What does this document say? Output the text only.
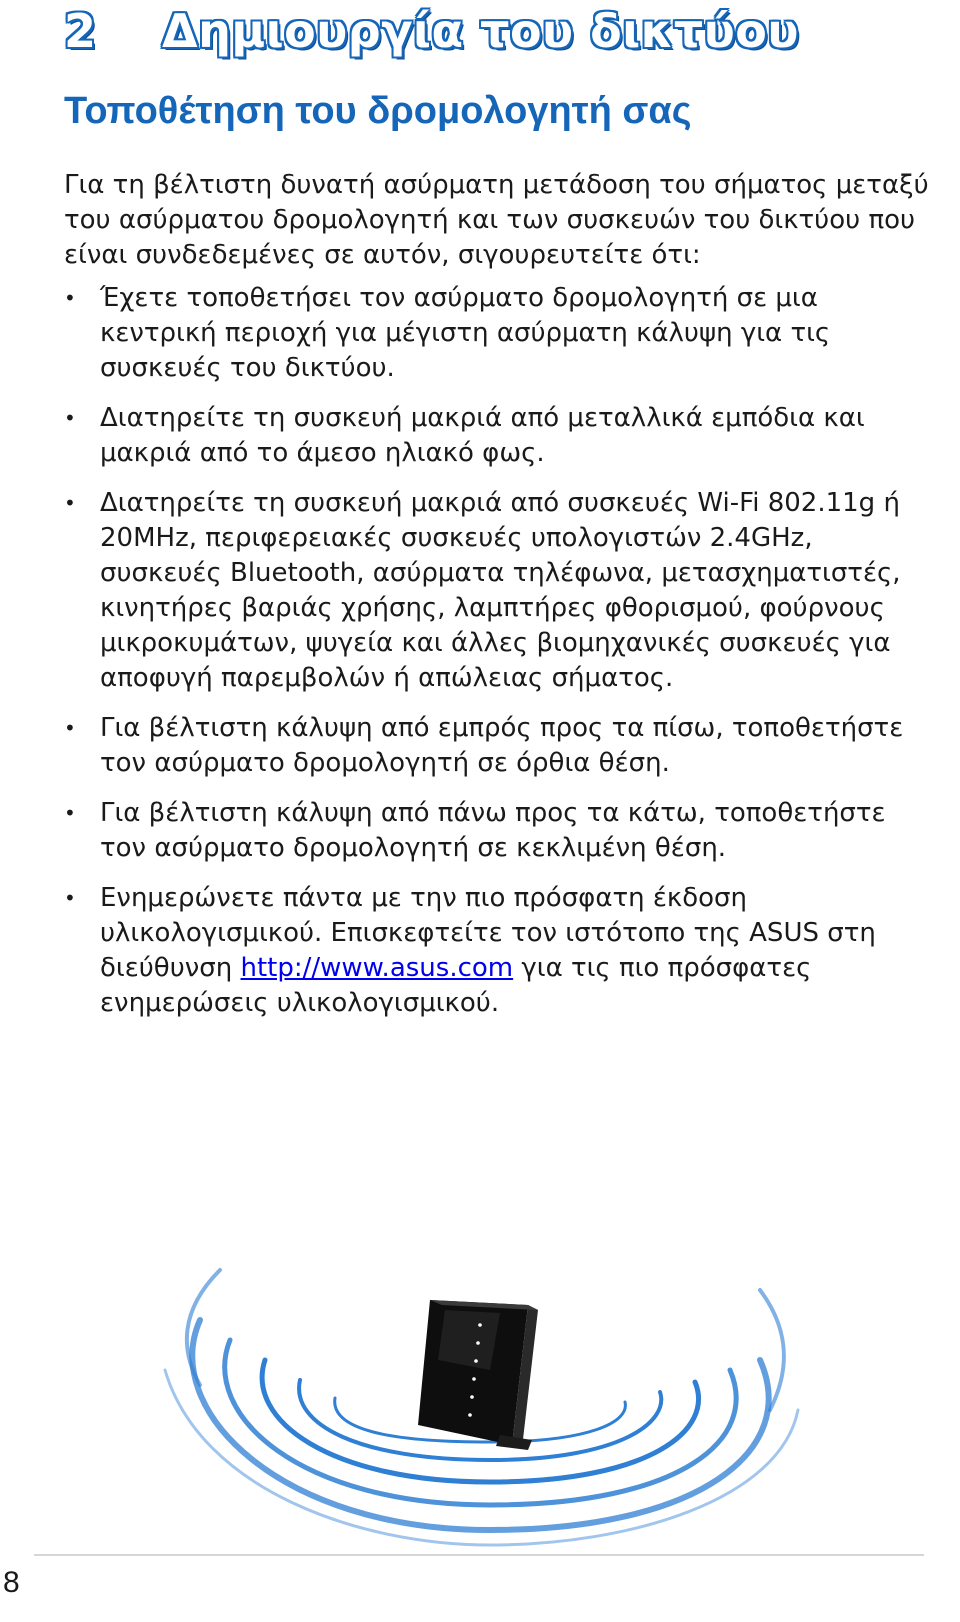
2 Δημιουργία του δικτύου
Τοποθέτηση του δρομολογητή σας

Για τη βέλτιστη δυνατή ασύρματη μετάδοση του σήματος μεταξύ του ασύρματου δρομολογητή και των συσκευών του δικτύου που είναι συνδεδεμένες σε αυτόν, σιγουρευτείτε ότι:

• Έχετε τοποθετήσει τον ασύρματο δρομολογητή σε μια κεντρική περιοχή για μέγιστη ασύρματη κάλυψη για τις συσκευές του δικτύου.
• Διατηρείτε τη συσκευή μακριά από μεταλλικά εμπόδια και μακριά από το άμεσο ηλιακό φως.
• Διατηρείτε τη συσκευή μακριά από συσκευές Wi-Fi 802.11g ή 20MHz, περιφερειακές συσκευές υπολογιστών 2.4GHz, συσκευές Bluetooth, ασύρματα τηλέφωνα, μετασχηματιστές, κινητήρες βαριάς χρήσης, λαμπτήρες φθορισμού, φούρνους μικροκυμάτων, ψυγεία και άλλες βιομηχανικές συσκευές για αποφυγή παρεμβολών ή απώλειας σήματος.
• Για βέλτιστη κάλυψη από εμπρός προς τα πίσω, τοποθετήστε τον ασύρματο δρομολογητή σε όρθια θέση.
• Για βέλτιστη κάλυψη από πάνω προς τα κάτω, τοποθετήστε τον ασύρματο δρομολογητή σε κεκλιμένη θέση.
• Ενημερώνετε πάντα με την πιο πρόσφατη έκδοση υλικολογισμικού. Επισκεφτείτε τον ιστότοπο της ASUS στη διεύθυνση http://www.asus.com για τις πιο πρόσφατες ενημερώσεις υλικολογισμικού.
8
